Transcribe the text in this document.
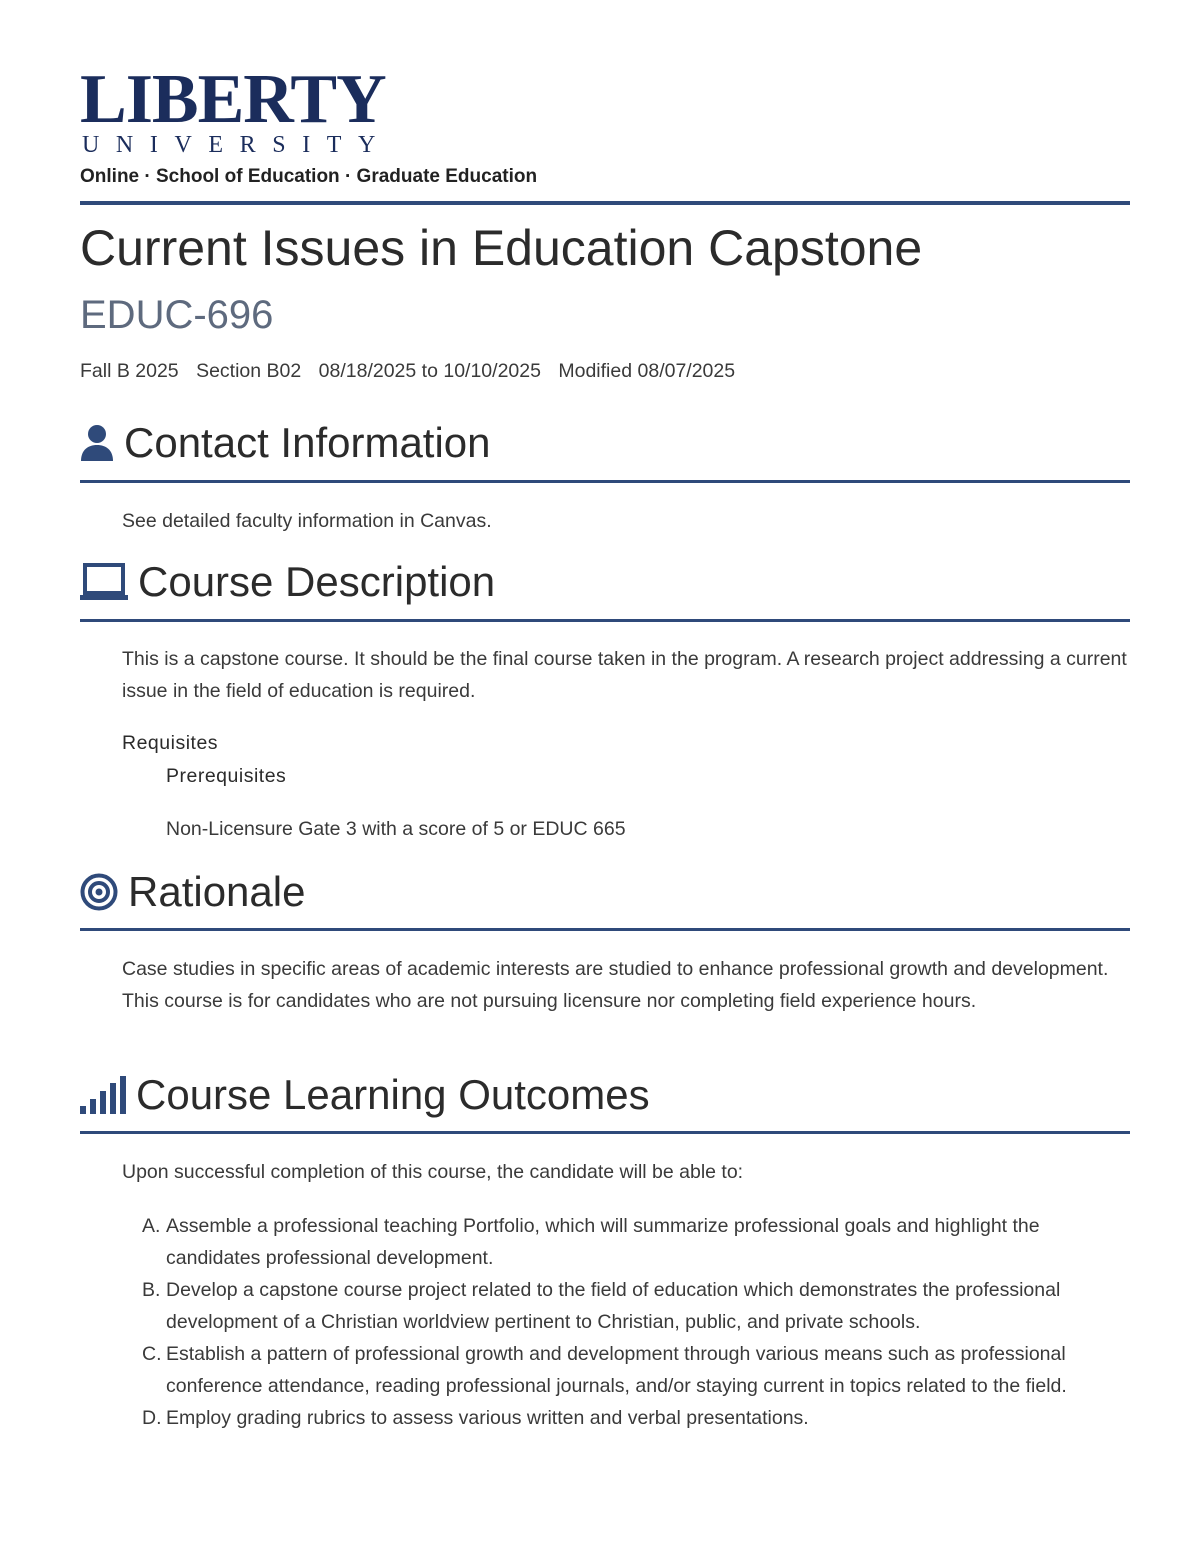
LIBERTY
UNIVERSITY
Online · School of Education · Graduate Education
Current Issues in Education Capstone
EDUC-696
Fall B 2025 Section B02 08/18/2025 to 10/10/2025 Modified 08/07/2025
Contact Information
See detailed faculty information in Canvas.
Course Description
This is a capstone course. It should be the final course taken in the program. A research project addressing a current issue in the field of education is required.
Requisites
Prerequisites
Non-Licensure Gate 3 with a score of 5 or EDUC 665
Rationale
Case studies in specific areas of academic interests are studied to enhance professional growth and development. This course is for candidates who are not pursuing licensure nor completing field experience hours.
Course Learning Outcomes
Upon successful completion of this course, the candidate will be able to:
A. Assemble a professional teaching Portfolio, which will summarize professional goals and highlight the candidates professional development.
B. Develop a capstone course project related to the field of education which demonstrates the professional development of a Christian worldview pertinent to Christian, public, and private schools.
C. Establish a pattern of professional growth and development through various means such as professional conference attendance, reading professional journals, and/or staying current in topics related to the field.
D. Employ grading rubrics to assess various written and verbal presentations.
